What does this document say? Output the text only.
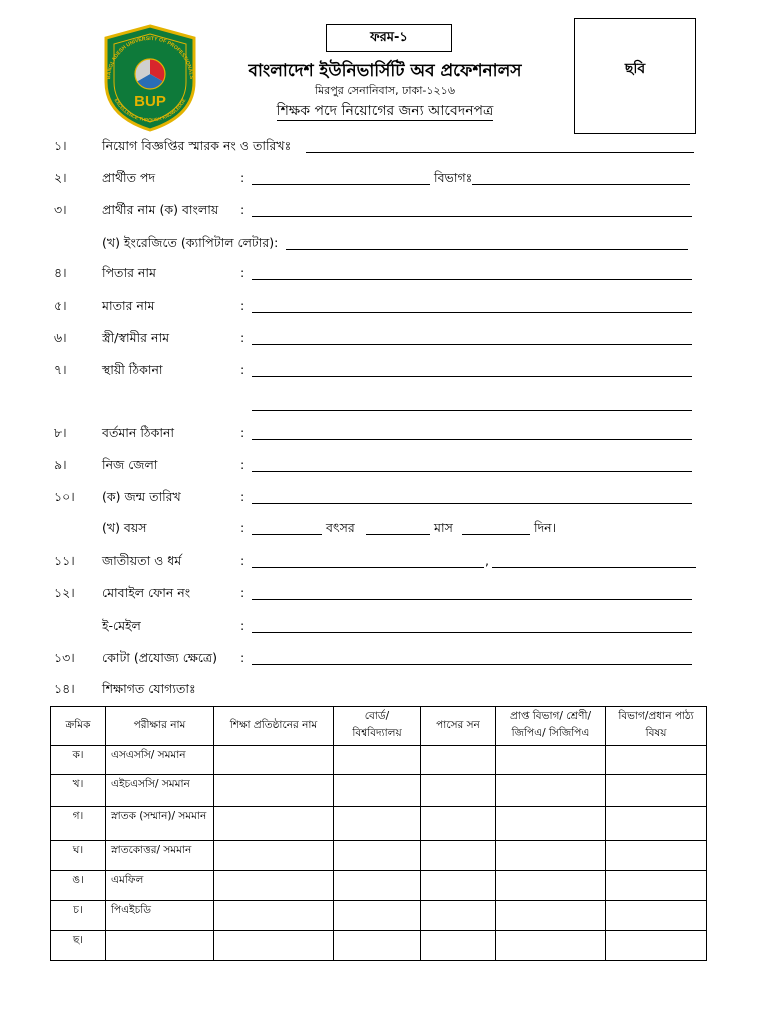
ফরম-১
ছবি
BANGLADESH UNIVERSITY OF PROFESSIONALS
BUP
EXCELLENCE THROUGH KNOWLEDGE
বাংলাদেশ ইউনিভার্সিটি অব প্রফেশনালস
মিরপুর সেনানিবাস, ঢাকা-১২১৬
শিক্ষক পদে নিয়োগের জন্য আবেদনপত্র
১।	নিয়োগ বিজ্ঞপ্তির স্মারক নং ও তারিখঃ
২।	প্রার্থীত পদ	:	বিভাগঃ
৩।	প্রার্থীর নাম (ক) বাংলায় :
(খ) ইংরেজিতে (ক্যাপিটাল লেটার):
৪।	পিতার নাম	:
৫।	মাতার নাম	:
৬।	স্ত্রী/স্বামীর নাম	:
৭।	স্থায়ী ঠিকানা	:
৮।	বর্তমান ঠিকানা	:
৯।	নিজ জেলা	:
১০। (ক) জন্ম তারিখ	:
(খ) বয়স	:	বৎসর	মাস	দিন।
১১। জাতীয়তা ও ধর্ম	:	,
১২। মোবাইল ফোন নং	:
ই-মেইল	:
১৩। কোটা (প্রযোজ্য ক্ষেত্রে) :
১৪। শিক্ষাগত যোগ্যতাঃ
ক্রমিক	পরীক্ষার নাম	শিক্ষা প্রতিষ্ঠানের নাম	বোর্ড/ বিশ্ববিদ্যালয়	পাসের সন	প্রাপ্ত বিভাগ/ শ্রেণী/ জিপিএ/ সিজিপিএ	বিভাগ/প্রধান পাঠ্য বিষয়
ক।	এসএসসি/ সমমান					
খ।	এইচএসসি/ সমমান					
গ।	স্নাতক (সম্মান)/ সমমান					
ঘ।	স্নাতকোত্তর/ সমমান					
ঙ।	এমফিল					
চ।	পিএইচডি					
ছ।						
